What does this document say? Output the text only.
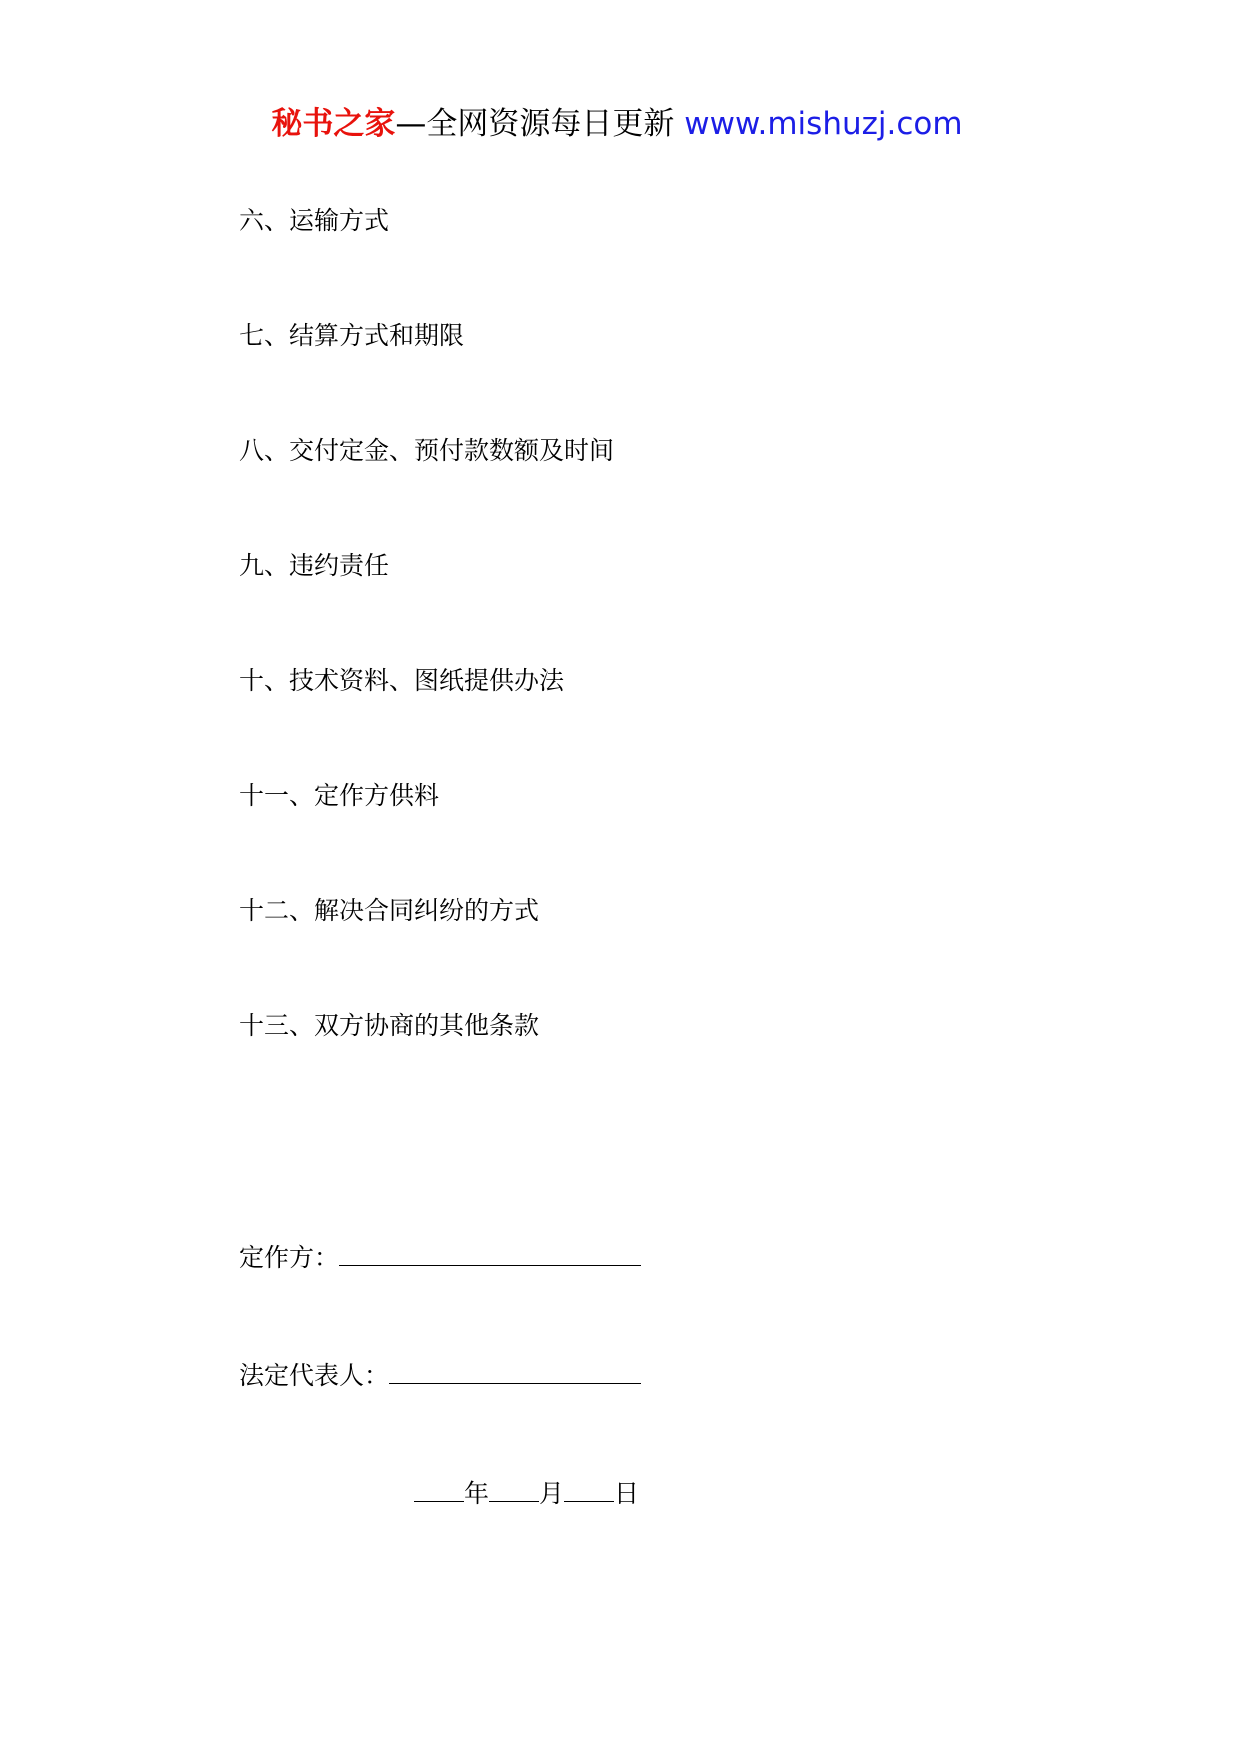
秘书之家—全网资源每日更新 www.mishuzj.com
六、运输方式
七、结算方式和期限
八、交付定金、预付款数额及时间
九、违约责任
十、技术资料、图纸提供办法
十一、定作方供料
十二、解决合同纠纷的方式
十三、双方协商的其他条款
定作方：
法定代表人：
年 月 日
